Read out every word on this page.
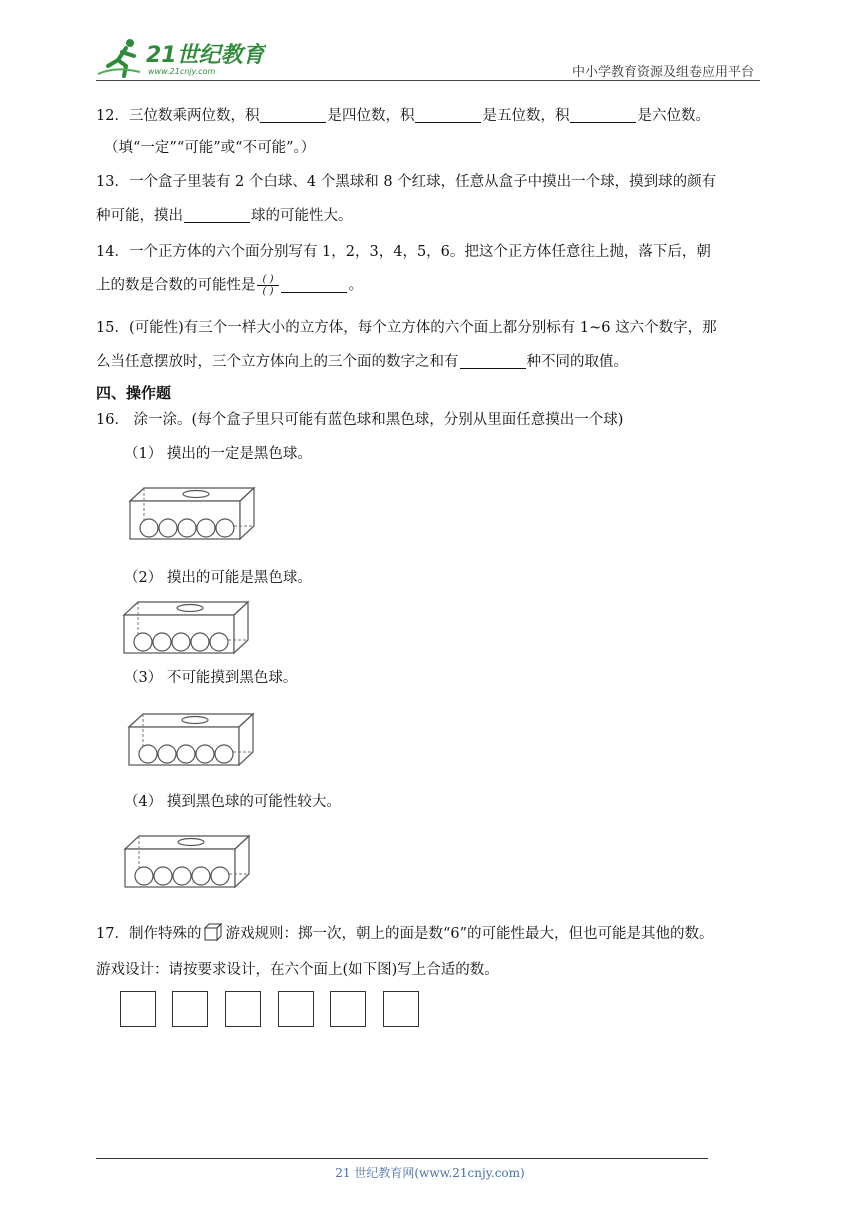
21世纪教育
www.21cnjy.com	中小学教育资源及组卷应用平台
12．三位数乘两位数，积	是四位数，积	是五位数，积	是六位数。
（填“一定”“可能”或“不可能”。）
13．一个盒子里装有 2 个白球、4 个黑球和 8 个红球，任意从盒子中摸出一个球，摸到球的颜有
种可能，摸出	球的可能性大。
14．一个正方体的六个面分别写有 1，2，3，4，5，6。把这个正方体任意往上抛，落下后，朝
上的数是合数的可能性是 $\frac{( )}{( )}$	。
15．(可能性)有三个一样大小的立方体，每个立方体的六个面上都分别标有 1~6 这六个数字，那
么当任意摆放时，三个立方体向上的三个面的数字之和有	种不同的取值。
四、操作题
16． 涂一涂。(每个盒子里只可能有蓝色球和黑色球，分别从里面任意摸出一个球)
（1） 摸出的一定是黑色球。
（2） 摸出的可能是黑色球。
（3） 不可能摸到黑色球。
（4） 摸到黑色球的可能性较大。
17．制作特殊的 游戏规则：掷一次，朝上的面是数“6”的可能性最大，但也可能是其他的数。
游戏设计：请按要求设计，在六个面上(如下图)写上合适的数。
21 世纪教育网(www.21cnjy.com)
